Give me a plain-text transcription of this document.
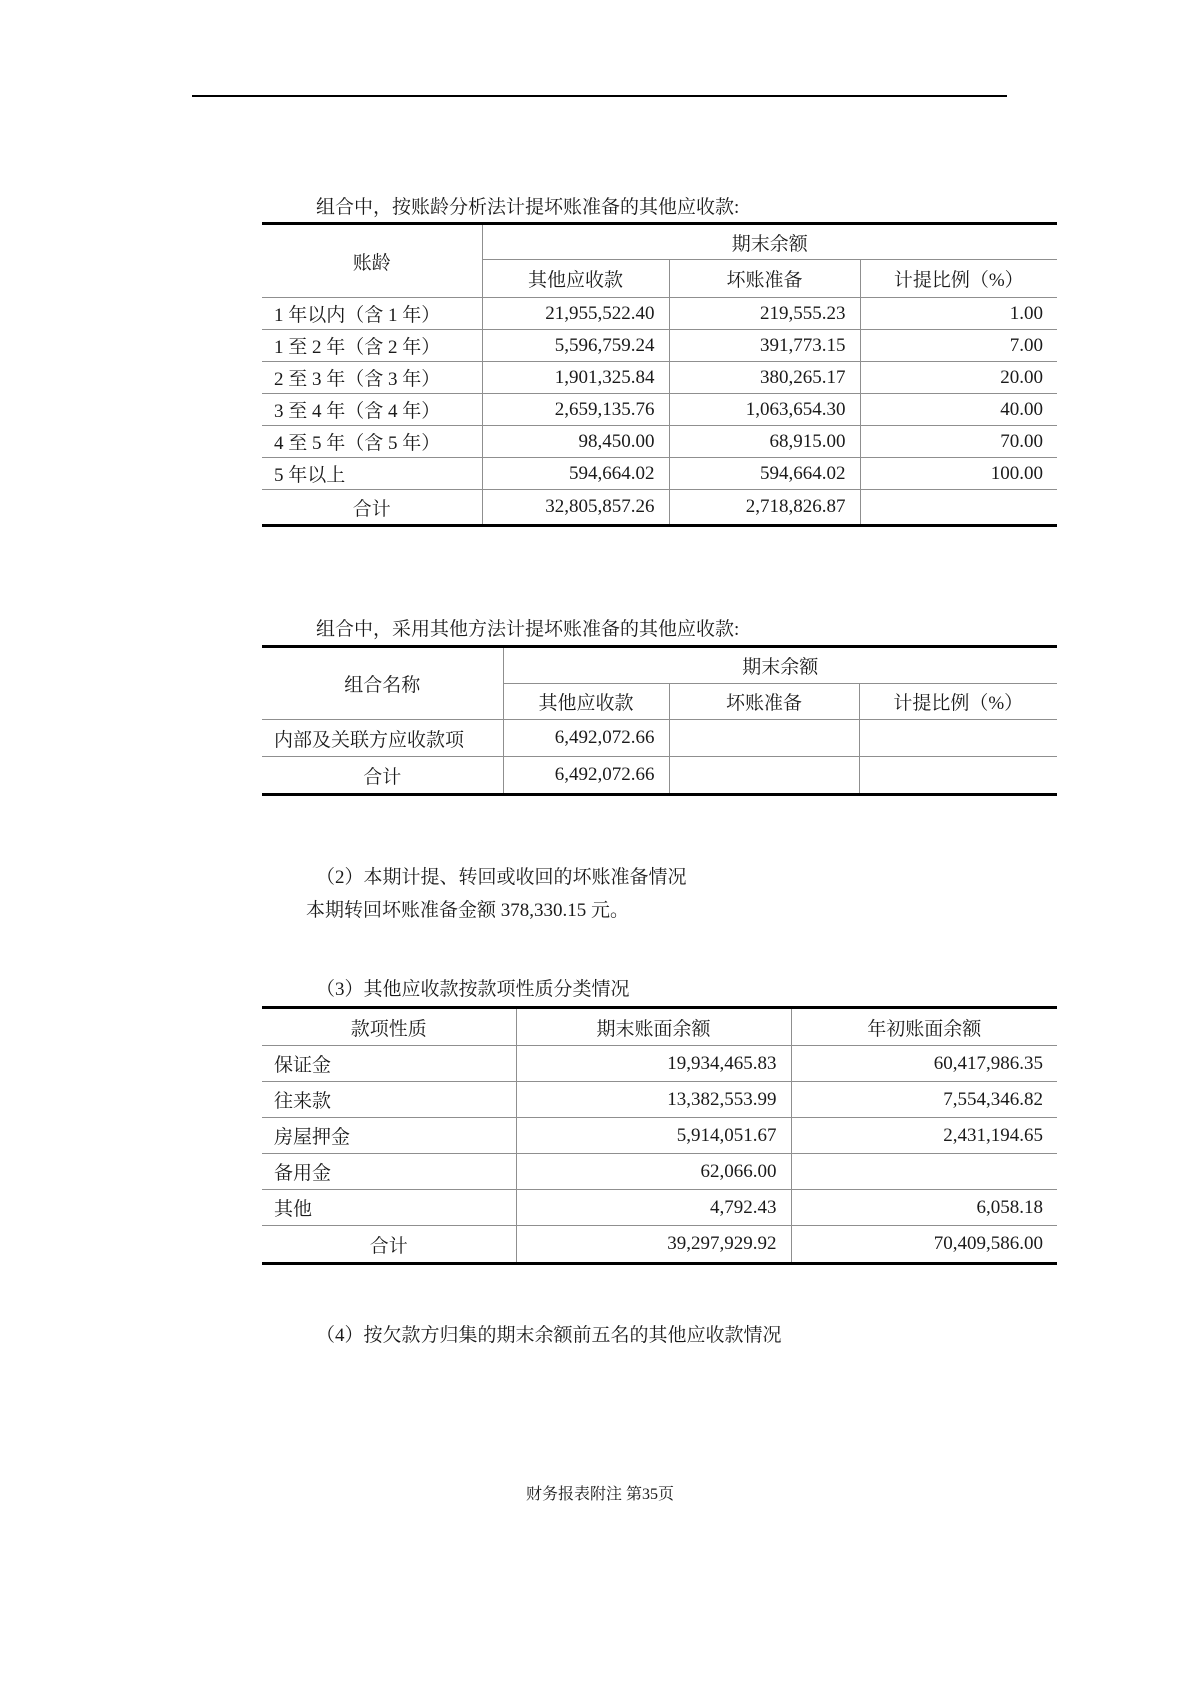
组合中，按账龄分析法计提坏账准备的其他应收款:
账龄	期末余额		
	其他应收款	坏账准备	计提比例（%）
1 年以内（含 1 年）	21,955,522.40	219,555.23	1.00
1 至 2 年（含 2 年）	5,596,759.24	391,773.15	7.00
2 至 3 年（含 3 年）	1,901,325.84	380,265.17	20.00
3 至 4 年（含 4 年）	2,659,135.76	1,063,654.30	40.00
4 至 5 年（含 5 年）	98,450.00	68,915.00	70.00
5 年以上	594,664.02	594,664.02	100.00
合计	32,805,857.26	2,718,826.87	
组合中，采用其他方法计提坏账准备的其他应收款:
组合名称	期末余额		
	其他应收款	坏账准备	计提比例（%）
内部及关联方应收款项	6,492,072.66		
合计	6,492,072.66		
（2）本期计提、转回或收回的坏账准备情况
本期转回坏账准备金额 378,330.15 元。
（3）其他应收款按款项性质分类情况
款项性质	期末账面余额	年初账面余额
保证金	19,934,465.83	60,417,986.35
往来款	13,382,553.99	7,554,346.82
房屋押金	5,914,051.67	2,431,194.65
备用金	62,066.00	
其他	4,792.43	6,058.18
合计	39,297,929.92	70,409,586.00
（4）按欠款方归集的期末余额前五名的其他应收款情况
财务报表附注 第35页
